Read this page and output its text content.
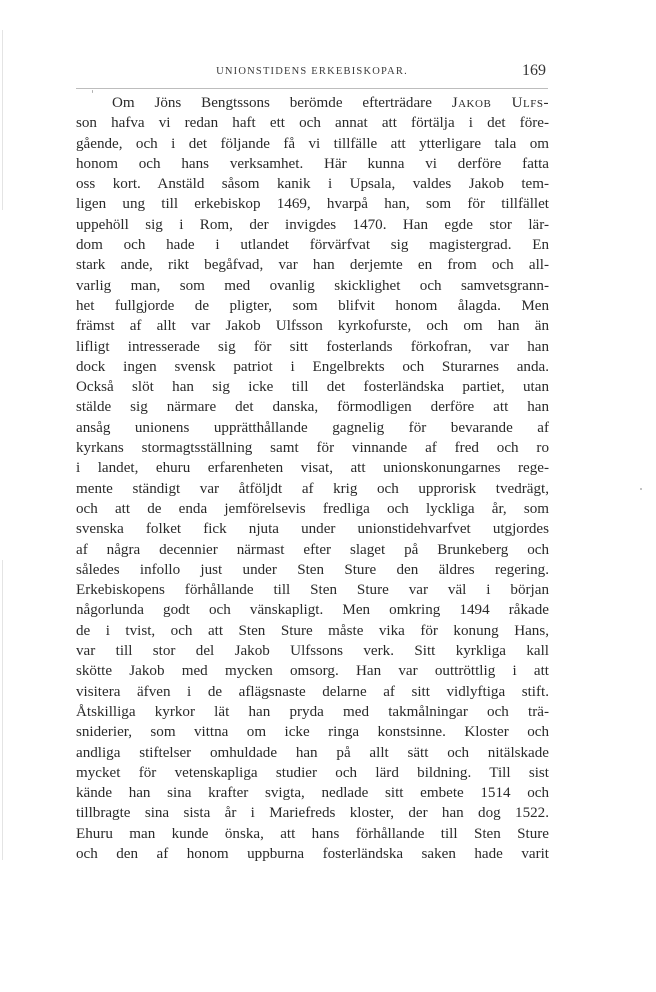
UNIONSTIDENS ERKEBISKOPAR.	169
Om Jöns Bengtssons berömde efterträdare Jakob Ulfs-
son hafva vi redan haft ett och annat att förtälja i det före-
gående, och i det följande få vi tillfälle att ytterligare tala om
honom och hans verksamhet. Här kunna vi derföre fatta
oss kort. Anstäld såsom kanik i Upsala, valdes Jakob tem-
ligen ung till erkebiskop 1469, hvarpå han, som för tillfället
uppehöll sig i Rom, der invigdes 1470. Han egde stor lär-
dom och hade i utlandet förvärfvat sig magistergrad. En
stark ande, rikt begåfvad, var han derjemte en from och all-
varlig man, som med ovanlig skicklighet och samvetsgrann-
het fullgjorde de pligter, som blifvit honom ålagda. Men
främst af allt var Jakob Ulfsson kyrkofurste, och om han än
lifligt intresserade sig för sitt fosterlands förkofran, var han
dock ingen svensk patriot i Engelbrekts och Sturarnes anda.
Också slöt han sig icke till det fosterländska partiet, utan
stälde sig närmare det danska, förmodligen derföre att han
ansåg unionens upprätthållande gagnelig för bevarande af
kyrkans stormagtsställning samt för vinnande af fred och ro
i landet, ehuru erfarenheten visat, att unionskonungarnes rege-
mente ständigt var åtföljdt af krig och upprorisk tvedrägt,
och att de enda jemförelsevis fredliga och lyckliga år, som
svenska folket fick njuta under unionstidehvarfvet utgjordes
af några decennier närmast efter slaget på Brunkeberg och
således infollo just under Sten Sture den äldres regering.
Erkebiskopens förhållande till Sten Sture var väl i början
någorlunda godt och vänskapligt. Men omkring 1494 råkade
de i tvist, och att Sten Sture måste vika för konung Hans,
var till stor del Jakob Ulfssons verk. Sitt kyrkliga kall
skötte Jakob med mycken omsorg. Han var outtröttlig i att
visitera äfven i de aflägsnaste delarne af sitt vidlyftiga stift.
Åtskilliga kyrkor lät han pryda med takmålningar och trä-
sniderier, som vittna om icke ringa konstsinne. Kloster och
andliga stiftelser omhuldade han på allt sätt och nitälskade
mycket för vetenskapliga studier och lärd bildning. Till sist
kände han sina krafter svigta, nedlade sitt embete 1514 och
tillbragte sina sista år i Mariefreds kloster, der han dog 1522.
Ehuru man kunde önska, att hans förhållande till Sten Sture
och den af honom uppburna fosterländska saken hade varit
